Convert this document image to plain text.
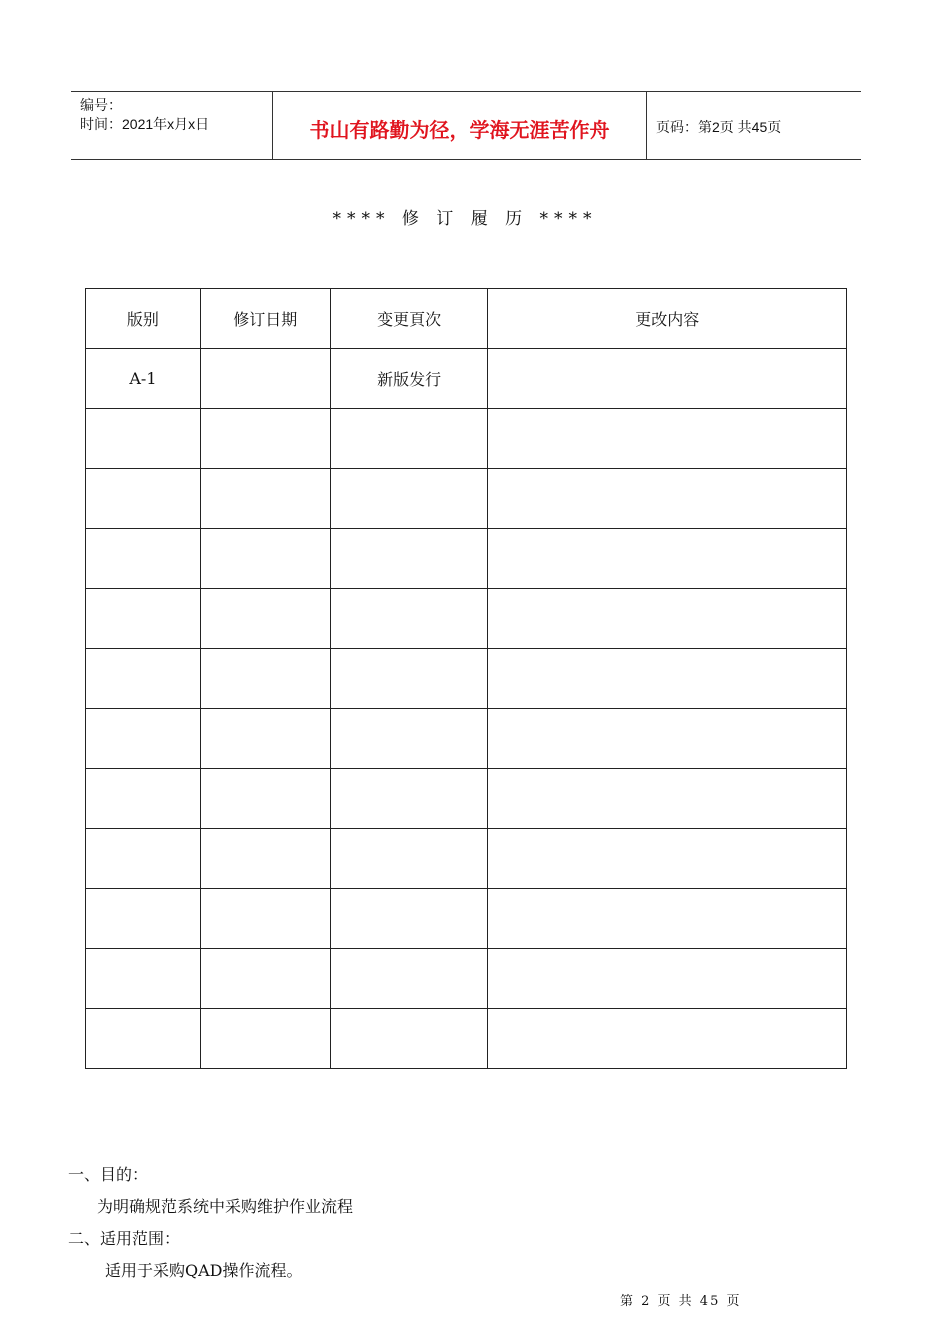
编号：
时间：2021年x月x日	书山有路勤为径，学海无涯苦作舟	页码：第2页 共45页
**** 修 订 履 历 ****
版别	修订日期	变更頁次	更改内容
A-1		新版发行	

一、目的：
为明确规范系统中采购维护作业流程
二、适用范围：
适用于采购QAD操作流程。
第 2 页 共 45 页
